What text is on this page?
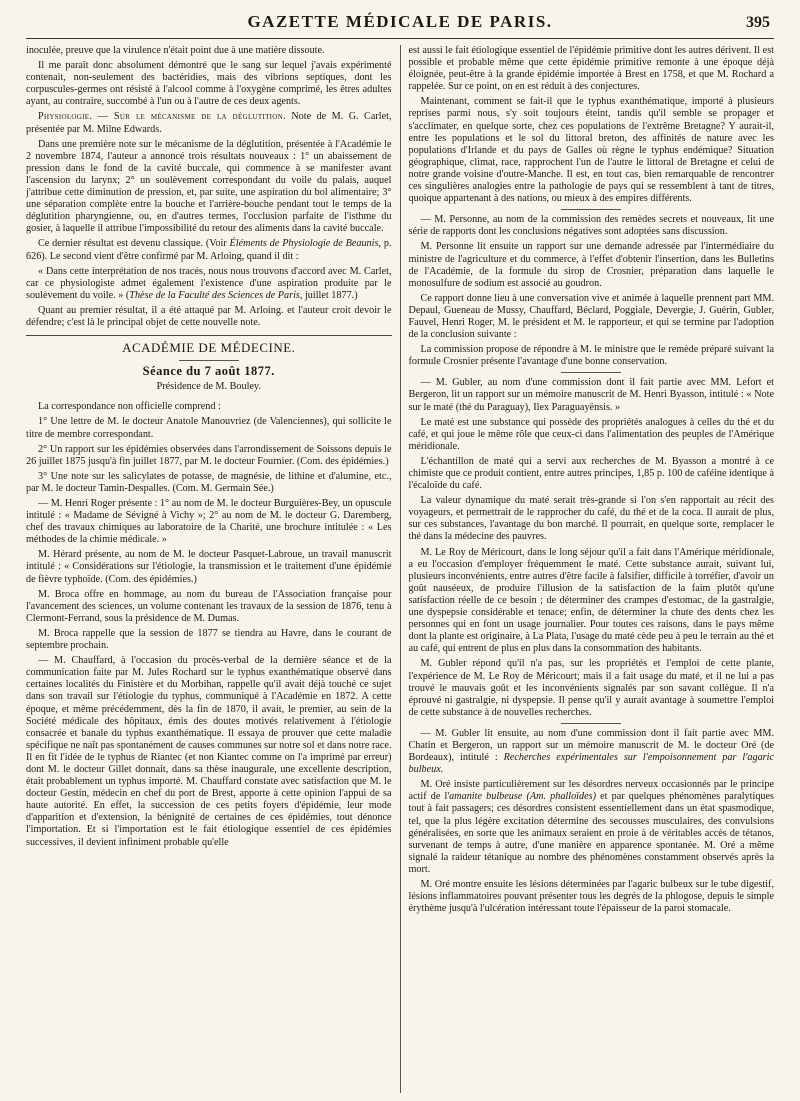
GAZETTE MÉDICALE DE PARIS.	395

inoculée, preuve que la virulence n'était point due à une matière dissoute.

Il me paraît donc absolument démontré que le sang sur lequel j'avais expérimenté contenait, non-seulement des bactéridies, mais des vibrions septiques, dont les corpuscules-germes ont résisté à l'alcool comme à l'oxygène comprimé, les êtres adultes ayant, au contraire, succombé à l'un ou à l'autre de ces deux agents.

Physiologie. — Sur le mécanisme de la déglutition. Note de M. G. Carlet, présentée par M. Milne Edwards.

Dans une première note sur le mécanisme de la déglutition, présentée à l'Académie le 2 novembre 1874, l'auteur a annoncé trois résultats nouveaux : 1° un abaissement de pression dans le fond de la cavité buccale, qui commence à se manifester avant l'ascension du larynx; 2° un soulèvement correspondant du voile du palais, auquel j'attribue cette diminution de pression, et, par suite, une aspiration du bol alimentaire; 3° une séparation complète entre la bouche et l'arrière-bouche pendant tout le temps de la déglutition pharyngienne, ou, en d'autres termes, l'occlusion parfaite de l'isthme du gosier, à laquelle il attribue l'impossibilité du retour des aliments dans la cavité buccale.

Ce dernier résultat est devenu classique. (Voir Éléments de Physiologie de Beaunis, p. 626). Le second vient d'être confirmé par M. Arloing, quand il dit :

« Dans cette interprétation de nos tracés, nous nous trouvons d'accord avec M. Carlet, car ce physiologiste admet également l'existence d'une aspiration produite par le soulèvement du voile. » (Thèse de la Faculté des Sciences de Paris, juillet 1877.)

Quant au premier résultat, il a été attaqué par M. Arloing. et l'auteur croit devoir le défendre; c'est là le principal objet de cette nouvelle note.

ACADÉMIE DE MÉDECINE.
Séance du 7 août 1877.
Présidence de M. Bouley.

La correspondance non officielle comprend :

1° Une lettre de M. le docteur Anatole Manouvriez (de Valenciennes), qui sollicite le titre de membre correspondant.

2° Un rapport sur les épidémies observées dans l'arrondissement de Soissons depuis le 26 juillet 1875 jusqu'à fin juillet 1877, par M. le docteur Fournier. (Com. des épidémies.)

3° Une note sur les salicylates de potasse, de magnésie, de lithine et d'alumine, etc., par M. le docteur Tamin-Despalles. (Com. M. Germain Sée.)

— M. Henri Roger présente : 1° au nom de M. le docteur Burguières-Bey, un opuscule intitulé : « Madame de Sévigné à Vichy »; 2° au nom de M. le docteur G. Daremberg, chef des travaux chimiques au laboratoire de la Charité, une brochure intitulée : « Les méthodes de la chimie médicale. »

M. Hérard présente, au nom de M. le docteur Pasquet-Labroue, un travail manuscrit intitulé : « Considérations sur l'étiologie, la transmission et le traitement d'une épidémie de fièvre typhoïde. (Com. des épidémies.)

M. Broca offre en hommage, au nom du bureau de l'Association française pour l'avancement des sciences, un volume contenant les travaux de la session de 1876, tenu à Clermont-Ferrand, sous la présidence de M. Dumas.

M. Broca rappelle que la session de 1877 se tiendra au Havre, dans le courant de septembre prochain.

— M. Chauffard, à l'occasion du procès-verbal de la dernière séance et de la communication faite par M. Jules Rochard sur le typhus exanthématique observé dans certaines localités du Finistère et du Morbihan, rappelle qu'il avait déjà touché ce sujet dans son travail sur l'étiologie du typhus, communiqué à l'Académie en 1872. A cette époque, et même précédemment, dès la fin de 1870, il avait, le premier, au sein de la Société médicale des hôpitaux, émis des doutes motivés relativement à l'étiologie consacrée et banale du typhus exanthématique. Il essaya de prouver que cette maladie spécifique ne naît pas spontanément de causes communes sur notre sol et dans notre race. Il en fit l'idée de le typhus de Riantec (et non Kiantec comme on l'a imprimé par erreur) dont M. le docteur Gillet donnait, dans sa thèse inaugurale, une excellente description, était probablement un typhus importé. M. Chauffard constate avec satisfaction que M. le docteur Gestin, médecin en chef du port de Brest, apporte à cette opinion l'appui de sa haute autorité. En effet, la succession de ces petits foyers d'épidémie, leur mode d'apparition et d'extension, la bénignité de certaines de ces épidémies, tout dénonce l'importation. Et si l'importation est le fait étiologique essentiel de ces épidémies successives, il devient infiniment probable qu'elle

est aussi le fait étiologique essentiel de l'épidémie primitive dont les autres dérivent. Il est possible et probable même que cette épidémie primitive remonte à une époque déjà éloignée, peut-être à la grande épidémie importée à Brest en 1758, et que M. Rochard a rappelée. Sur ce point, on en est réduit à des conjectures.

Maintenant, comment se fait-il que le typhus exanthématique, importé à plusieurs reprises parmi nous, s'y soit toujours éteint, tandis qu'il semble se propager et s'acclimater, en quelque sorte, chez ces populations de l'extrême Bretagne? Y aurait-il, entre les populations et le sol du littoral breton, des affinités de nature avec les populations d'Irlande et du pays de Galles où règne le typhus endémique? Situation géographique, climat, race, rapprochent l'un de l'autre le littoral de Bretagne et celui de notre grande voisine d'outre-Manche. Il est, en tout cas, bien remarquable de rencontrer ces singulières analogies entre la pathologie de pays qui se ressemblent à tant de titres, quoique appartenant à des nations, ou mieux à des empires différents.

— M. Personne, au nom de la commission des remèdes secrets et nouveaux, lit une série de rapports dont les conclusions négatives sont adoptées sans discussion.

M. Personne lit ensuite un rapport sur une demande adressée par l'intermédiaire du ministre de l'agriculture et du commerce, à l'effet d'obtenir l'insertion, dans les Bulletins de l'Académie, de la formule du sirop de Crosnier, préparation dans laquelle le monosulfure de sodium est associé au goudron.

Ce rapport donne lieu à une conversation vive et animée à laquelle prennent part MM. Depaul, Gueneau de Mussy, Chauffard, Béclard, Poggiale, Devergie, J. Guérin, Gubler, Fauvel, Henri Roger, M. le président et M. le rapporteur, et qui se termine par l'adoption de la conclusion suivante :

La commission propose de répondre à M. le ministre que le remède préparé suivant la formule Crosnier présente l'avantage d'une bonne conservation.

— M. Gubler, au nom d'une commission dont il fait partie avec MM. Lefort et Bergeron, lit un rapport sur un mémoire manuscrit de M. Henri Byasson, intitulé : « Note sur le maté (thé du Paraguay), Ilex Paraguayënsis. »

Le maté est une substance qui possède des propriétés analogues à celles du thé et du café, et qui joue le même rôle que ceux-ci dans l'alimentation des peuples de l'Amérique méridionale.

L'échantillon de maté qui a servi aux recherches de M. Byasson a montré à ce chimiste que ce produit contient, entre autres principes, 1,85 p. 100 de caféine identique à l'écaloïde du café.

La valeur dynamique du maté serait très-grande si l'on s'en rapportait au récit des voyageurs, et permettrait de le rapprocher du café, du thé et de la coca. Il aurait de plus, sur ces substances, l'avantage du bon marché. Il pourrait, en quelque sorte, remplacer le thé dans la médecine des pauvres.

M. Le Roy de Méricourt, dans le long séjour qu'il a fait dans l'Amérique méridionale, a eu l'occasion d'employer fréquemment le maté. Cette substance aurait, suivant lui, plusieurs inconvénients, entre autres d'être facile à falsifier, difficile à torréfier, d'avoir un goût nauséeux, de produire l'illusion de la satisfaction de la faim plutôt qu'une satisfaction réelle de ce besoin ; de déterminer des crampes d'estomac, de la gastralgie, une dyspepsie considérable et tenace; enfin, de déterminer la chute des dents chez les personnes qui en font un usage journalier. Pour toutes ces raisons, dans le pays même dont la plante est originaire, à La Plata, l'usage du maté cède peu à peu le terrain au thé et au café, qui entrent de plus en plus dans la consommation des habitants.

M. Gubler répond qu'il n'a pas, sur les propriétés et l'emploi de cette plante, l'expérience de M. Le Roy de Méricourt; mais il a fait usage du maté, et il ne lui a pas trouvé le mauvais goût et les inconvénients signalés par son savant collègue. Il n'a éprouvé ni gastralgie, ni dyspepsie. Il pense qu'il y aurait avantage à soumettre l'emploi de cette substance à de nouvelles recherches.

— M. Gubler lit ensuite, au nom d'une commission dont il fait partie avec MM. Chatin et Bergeron, un rapport sur un mémoire manuscrit de M. le docteur Oré (de Bordeaux), intitulé : Recherches expérimentales sur l'empoisonnement par l'agaric bulbeux.

M. Oré insiste particulièrement sur les désordres nerveux occasionnés par le principe actif de l'amanite bulbeuse (Am. phalloïdes) et par quelques phénomènes paralytiques tout à fait passagers; ces désordres consistent essentiellement dans un état spasmodique, tel, que la plus légère excitation détermine des secousses musculaires, des convulsions généralisées, en sorte que les animaux seraient en proie à de véritables accès de tétanos, survenant de temps à autre, d'une manière en apparence spontanée. M. Oré a même signalé la raideur tétanique au nombre des phénomènes constamment observés après la mort.

M. Oré montre ensuite les lésions déterminées par l'agaric bulbeux sur le tube digestif, lésions inflammatoires pouvant présenter tous les degrés de la phlogose, depuis le simple érythème jusqu'à l'ulcération intéressant toute l'épaisseur de la paroi stomacale.
